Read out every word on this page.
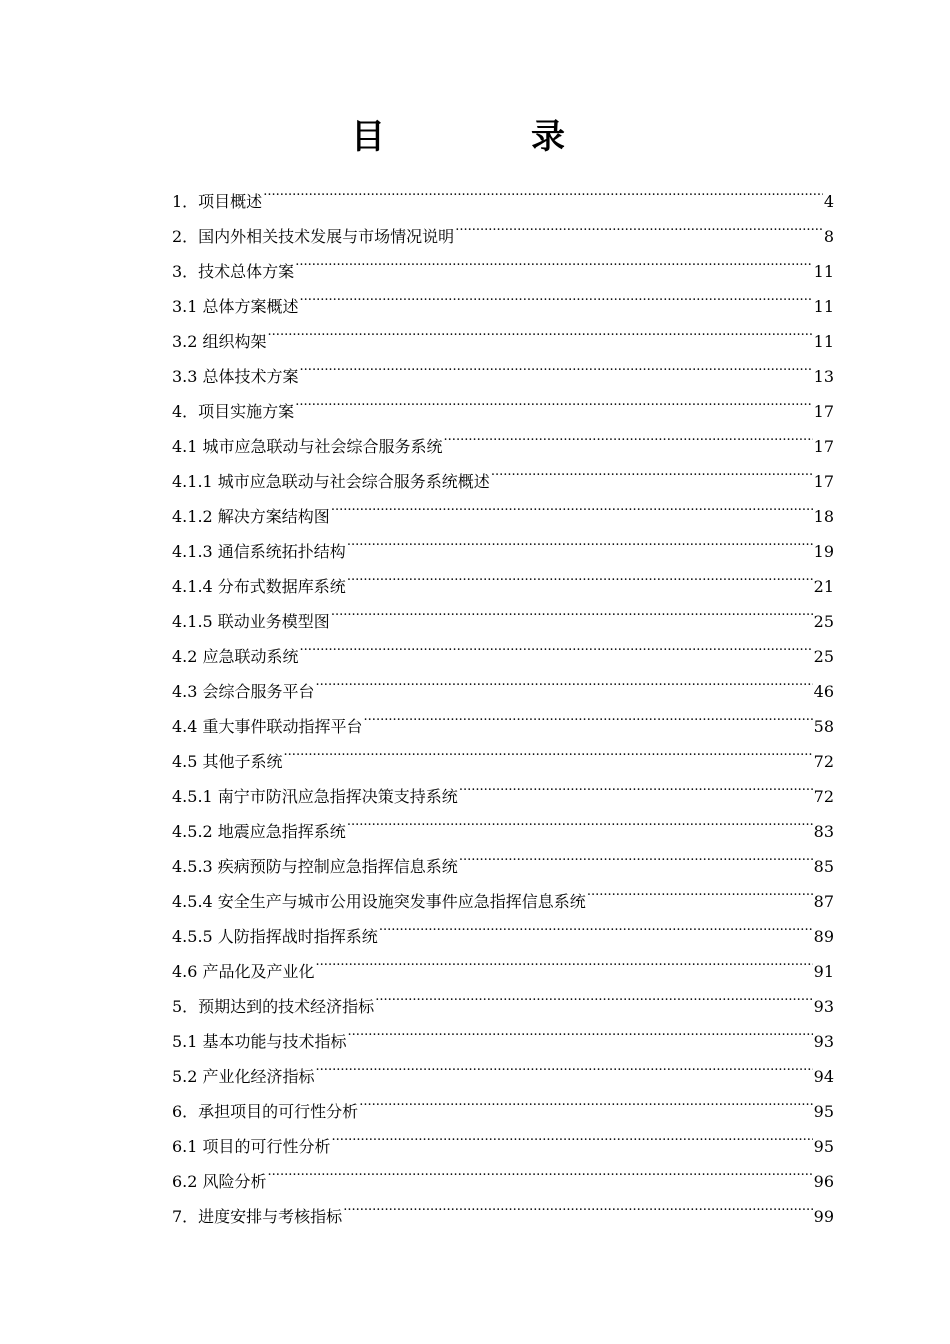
目　录
1．项目概述 .....	4
2．国内外相关技术发展与市场情况说明 .....	8
3．技术总体方案 .....	11
3.1 总体方案概述 .....	11
3.2 组织构架 .....	11
3.3 总体技术方案 .....	13
4．项目实施方案 .....	17
4.1 城市应急联动与社会综合服务系统 .....	17
4.1.1 城市应急联动与社会综合服务系统概述 .....	17
4.1.2 解决方案结构图 .....	18
4.1.3 通信系统拓扑结构 .....	19
4.1.4 分布式数据库系统 .....	21
4.1.5 联动业务模型图 .....	25
4.2 应急联动系统 .....	25
4.3 会综合服务平台 .....	46
4.4 重大事件联动指挥平台 .....	58
4.5 其他子系统 .....	72
4.5.1 南宁市防汛应急指挥决策支持系统 .....	72
4.5.2 地震应急指挥系统 .....	83
4.5.3 疾病预防与控制应急指挥信息系统 .....	85
4.5.4 安全生产与城市公用设施突发事件应急指挥信息系统 .....	87
4.5.5 人防指挥战时指挥系统 .....	89
4.6 产品化及产业化 .....	91
5．预期达到的技术经济指标 .....	93
5.1 基本功能与技术指标 .....	93
5.2 产业化经济指标 .....	94
6．承担项目的可行性分析 .....	95
6.1 项目的可行性分析 .....	95
6.2 风险分析 .....	96
7．进度安排与考核指标 .....	99
